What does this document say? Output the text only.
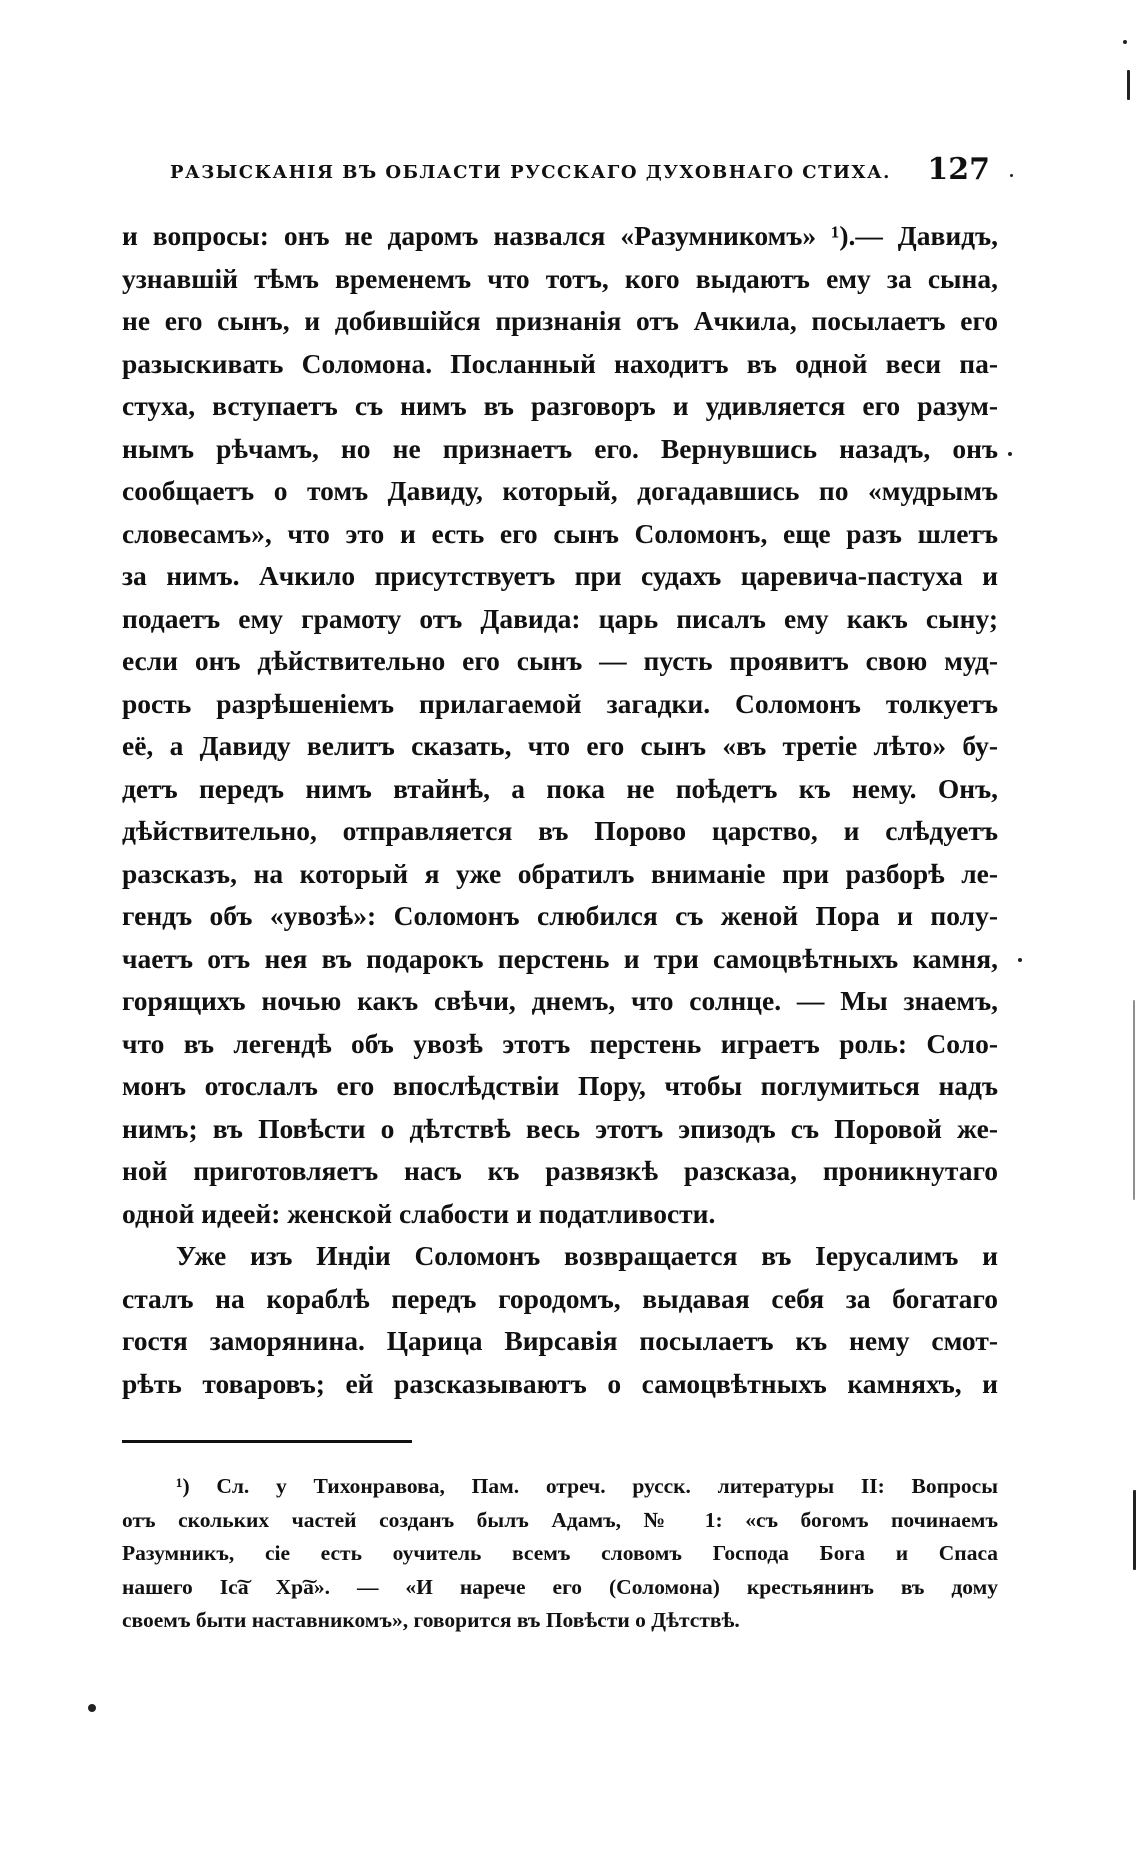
РАЗЫСКАНІЯ ВЪ ОБЛАСТИ РУССКАГО ДУХОВНАГО СТИХА. 127
и вопросы: онъ не даромъ назвался «Разумникомъ» ¹).— Давидъ,
узнавшій тѣмъ временемъ что тотъ, кого выдаютъ ему за сына,
не его сынъ, и добившійся признанія отъ Ачкила, посылаетъ его
разыскивать Соломона. Посланный находитъ въ одной веси па-
стуха, вступаетъ съ нимъ въ разговоръ и удивляется его разум-
нымъ рѣчамъ, но не признаетъ его. Вернувшись назадъ, онъ
сообщаетъ о томъ Давиду, который, догадавшись по «мудрымъ
словесамъ», что это и есть его сынъ Соломонъ, еще разъ шлетъ
за нимъ. Ачкило присутствуетъ при судахъ царевича-пастуха и
подаетъ ему грамоту отъ Давида: царь писалъ ему какъ сыну;
если онъ дѣйствительно его сынъ — пусть проявитъ свою муд-
рость разрѣшеніемъ прилагаемой загадки. Соломонъ толкуетъ
её, а Давиду велитъ сказать, что его сынъ «въ третіе лѣто» бу-
детъ передъ нимъ втайнѣ, а пока не поѣдетъ къ нему. Онъ,
дѣйствительно, отправляется въ Порово царство, и слѣдуетъ
разсказъ, на который я уже обратилъ вниманіе при разборѣ ле-
гендъ объ «увозѣ»: Соломонъ слюбился съ женой Пора и полу-
чаетъ отъ нея въ подарокъ перстень и три самоцвѣтныхъ камня,
горящихъ ночью какъ свѣчи, днемъ, что солнце. — Мы знаемъ,
что въ легендѣ объ увозѣ этотъ перстень играетъ роль: Соло-
монъ отослалъ его впослѣдствіи Пору, чтобы поглумиться надъ
нимъ; въ Повѣсти о дѣтствѣ весь этотъ эпизодъ съ Поровой же-
ной приготовляетъ насъ къ развязкѣ разсказа, проникнутаго
одной идеей: женской слабости и податливости.
Уже изъ Индіи Соломонъ возвращается въ Іерусалимъ и
сталъ на кораблѣ передъ городомъ, выдавая себя за богатаго
гостя заморянина. Царица Вирсавія посылаетъ къ нему смот-
рѣть товаровъ; ей разсказываютъ о самоцвѣтныхъ камняхъ, и
¹) Сл. у Тихонравова, Пам. отреч. русск. литературы II: Вопросы
отъ скольких частей созданъ былъ Адамъ, № 1: «съ богомъ починаемъ
Разумникъ, сіе есть оучитель всемъ словомъ Господа Бога и Спаса
нашего Іс͠а Хр͠а». — «И нарече его (Соломона) крестьянинъ въ дому
своемъ быти наставникомъ», говорится въ Повѣсти о Дѣтствѣ.
